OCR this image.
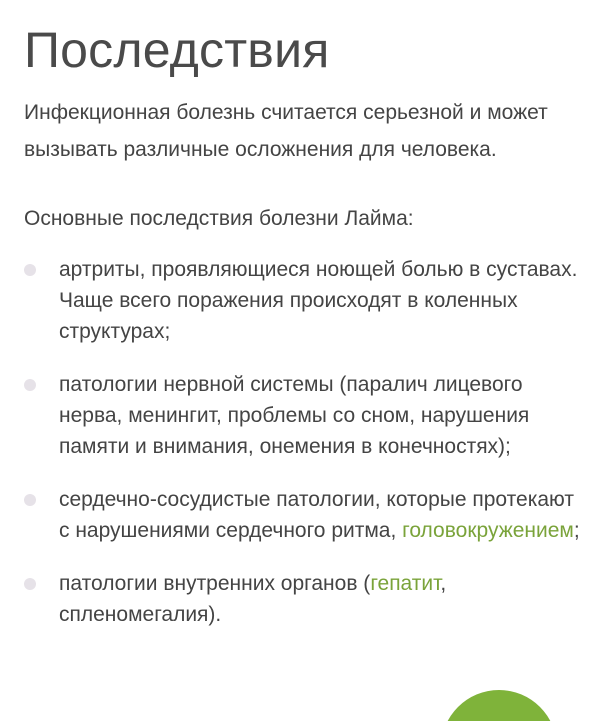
Последствия

Инфекционная болезнь считается серьезной и может вызывать различные осложнения для человека.

Основные последствия болезни Лайма:

артриты, проявляющиеся ноющей болью в суставах. Чаще всего поражения происходят в коленных структурах;
патологии нервной системы (паралич лицевого нерва, менингит, проблемы со сном, нарушения памяти и внимания, онемения в конечностях);
сердечно-сосудистые патологии, которые протекают с нарушениями сердечного ритма, головокружением;
патологии внутренних органов (гепатит, спленомегалия).
